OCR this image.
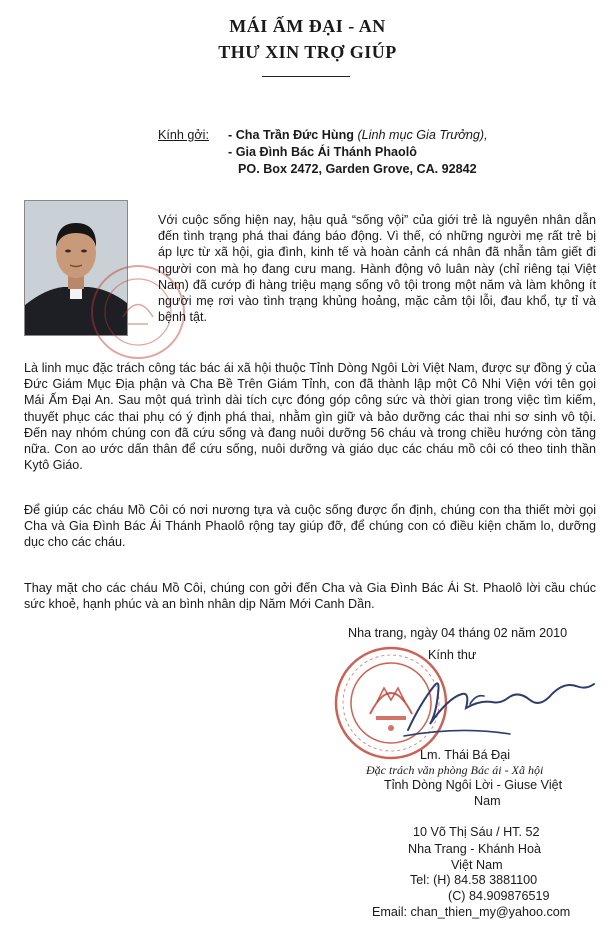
MÁI ẤM ĐẠI - AN
THƯ XIN TRỢ GIÚP
Kính gởi: - Cha Trần Đức Hùng (Linh mục Gia Trưởng),
- Gia Đình Bác Ái Thánh Phaolô
PO. Box 2472, Garden Grove, CA. 92842
Với cuộc sống hiện nay, hậu quả “sống vội” của giới trẻ là nguyên nhân dẫn đến tình trạng phá thai đáng báo động. Vì thế, có những người mẹ rất trẻ bị áp lực từ xã hội, gia đình, kinh tế và hoàn cảnh cá nhân đã nhẫn tâm giết đi người con mà họ đang cưu mang. Hành động vô luân này (chỉ riêng tại Việt Nam) đã cướp đi hàng triệu mạng sống vô tội trong một năm và làm không ít người mẹ rơi vào tình trạng khủng hoảng, mặc cảm tội lỗi, đau khổ, tự tỉ và bệnh tật.
Là linh mục đặc trách công tác bác ái xã hội thuộc Tỉnh Dòng Ngôi Lời Việt Nam, được sự đồng ý của Đức Giám Mục Địa phận và Cha Bề Trên Giám Tỉnh, con đã thành lập một Cô Nhi Viện với tên gọi Mái Ấm Đại An. Sau một quá trình dài tích cực đóng góp công sức và thời gian trong việc tìm kiếm, thuyết phục các thai phụ có ý định phá thai, nhằm gìn giữ và bảo dưỡng các thai nhi sơ sinh vô tội. Đến nay nhóm chúng con đã cứu sống và đang nuôi dưỡng 56 cháu và trong chiều hướng còn tăng nữa. Con ao ước dấn thân để cứu sống, nuôi dưỡng và giáo dục các cháu mồ côi có theo tinh thần Kytô Giáo.
Để giúp các cháu Mồ Côi có nơi nương tựa và cuộc sống được ổn định, chúng con tha thiết mời gọi Cha và Gia Đình Bác Ái Thánh Phaolô rộng tay giúp đỡ, để chúng con có điều kiện chăm lo, dưỡng dục cho các cháu.
Thay mặt cho các cháu Mồ Côi, chúng con gởi đến Cha và Gia Đình Bác Ái St. Phaolô lời cầu chúc sức khoẻ, hạnh phúc và an bình nhân dịp Năm Mới Canh Dần.
Nha trang, ngày 04 tháng 02 năm 2010
Kính thư
Lm. Thái Bá Đại
Đặc trách văn phòng Bác ái - Xã hội
Tỉnh Dòng Ngôi Lời - Giuse Việt
Nam
10 Võ Thị Sáu / HT. 52
Nha Trang - Khánh Hoà
Việt Nam
Tel: (H) 84.58 3881100
(C) 84.909876519
Email: chan_thien_my@yahoo.com
